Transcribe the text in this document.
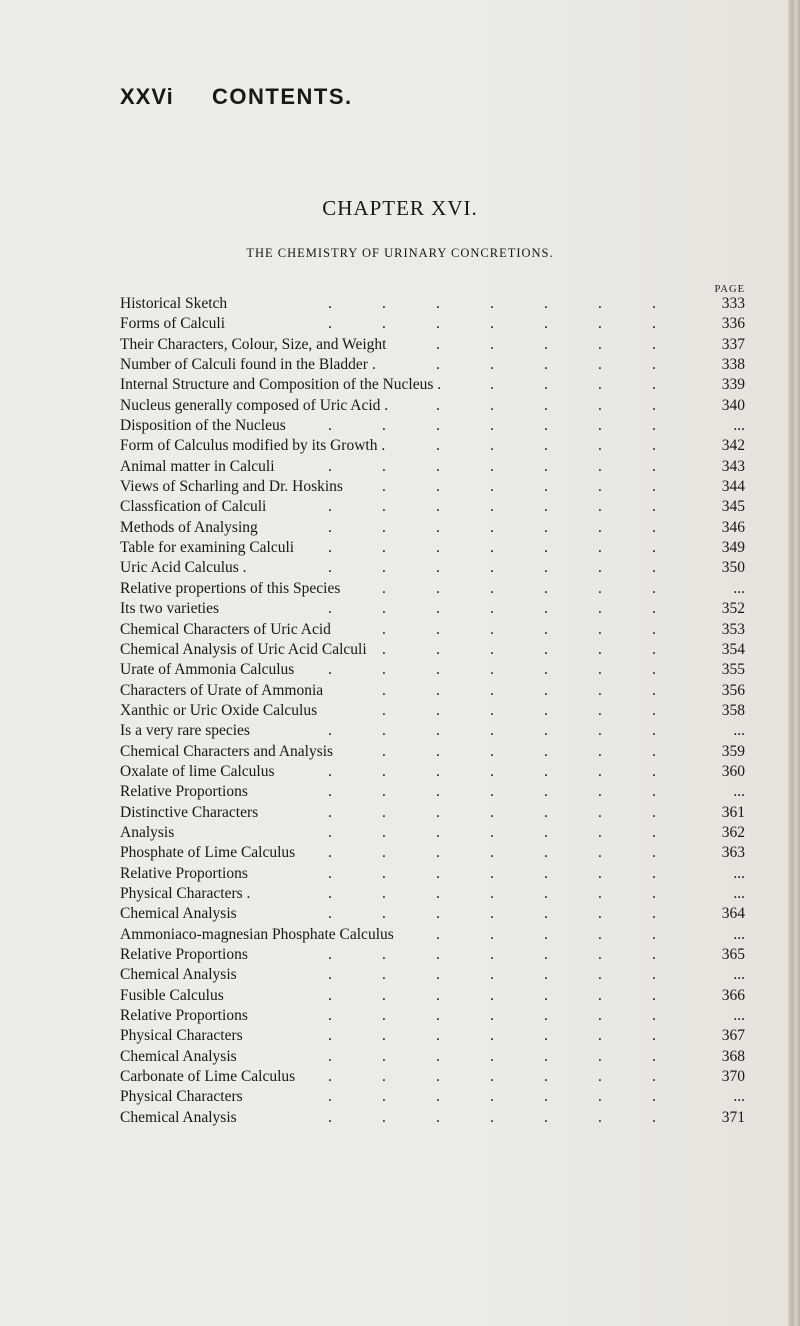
XXVi CONTENTS.
CHAPTER XVI.
THE CHEMISTRY OF URINARY CONCRETIONS.
PAGE
.	.	.	.	.	.	.
Historical Sketch	333
.	.	.	.	.	.	.
Forms of Calculi	336
.	.	.	.	.
Their Characters, Colour, Size, and Weight	337
.	.	.	.	.
Number of Calculi found in the Bladder .	338
.	.	.	.
Internal Structure and Composition of the Nucleus .	339
.	.	.	.	.
Nucleus generally composed of Uric Acid .	340
.	.	.	.	.	.	.
Disposition of the Nucleus	...
.	.	.	.	.
Form of Calculus modified by its Growth .	342
.	.	.	.	.	.	.
Animal matter in Calculi	343
.	.	.	.	.	.
Views of Scharling and Dr. Hoskins	344
.	.	.	.	.	.	.
Classfication of Calculi	345
.	.	.	.	.	.	.
Methods of Analysing	346
.	.	.	.	.	.	.
Table for examining Calculi	349
.	.	.	.	.	.	.
Uric Acid Calculus .	350
.	.	.	.	.	.
Relative propertions of this Species	...
.	.	.	.	.	.	.
Its two varieties	352
.	.	.	.	.	.
Chemical Characters of Uric Acid	353
.	.	.	.	.	.
Chemical Analysis of Uric Acid Calculi	354
.	.	.	.	.	.	.
Urate of Ammonia Calculus	355
.	.	.	.	.	.
Characters of Urate of Ammonia	356
.	.	.	.	.	.
Xanthic or Uric Oxide Calculus	358
.	.	.	.	.	.	.
Is a very rare species	...
.	.	.	.	.	.
Chemical Characters and Analysis	359
.	.	.	.	.	.	.
Oxalate of lime Calculus	360
.	.	.	.	.	.	.
Relative Proportions	...
.	.	.	.	.	.	.
Distinctive Characters	361
.	.	.	.	.	.	.
Analysis	362
.	.	.	.	.	.	.
Phosphate of Lime Calculus	363
.	.	.	.	.	.	.
Relative Proportions	...
.	.	.	.	.	.	.
Physical Characters .	...
.	.	.	.	.	.	.
Chemical Analysis	364
.	.	.	.	.
Ammoniaco-magnesian Phosphate Calculus	...
.	.	.	.	.	.	.
Relative Proportions	365
.	.	.	.	.	.	.
Chemical Analysis	...
.	.	.	.	.	.	.
Fusible Calculus	366
.	.	.	.	.	.	.
Relative Proportions	...
.	.	.	.	.	.	.
Physical Characters	367
.	.	.	.	.	.	.
Chemical Analysis	368
.	.	.	.	.	.	.
Carbonate of Lime Calculus	370
.	.	.	.	.	.	.
Physical Characters	...
.	.	.	.	.	.	.
Chemical Analysis	371
